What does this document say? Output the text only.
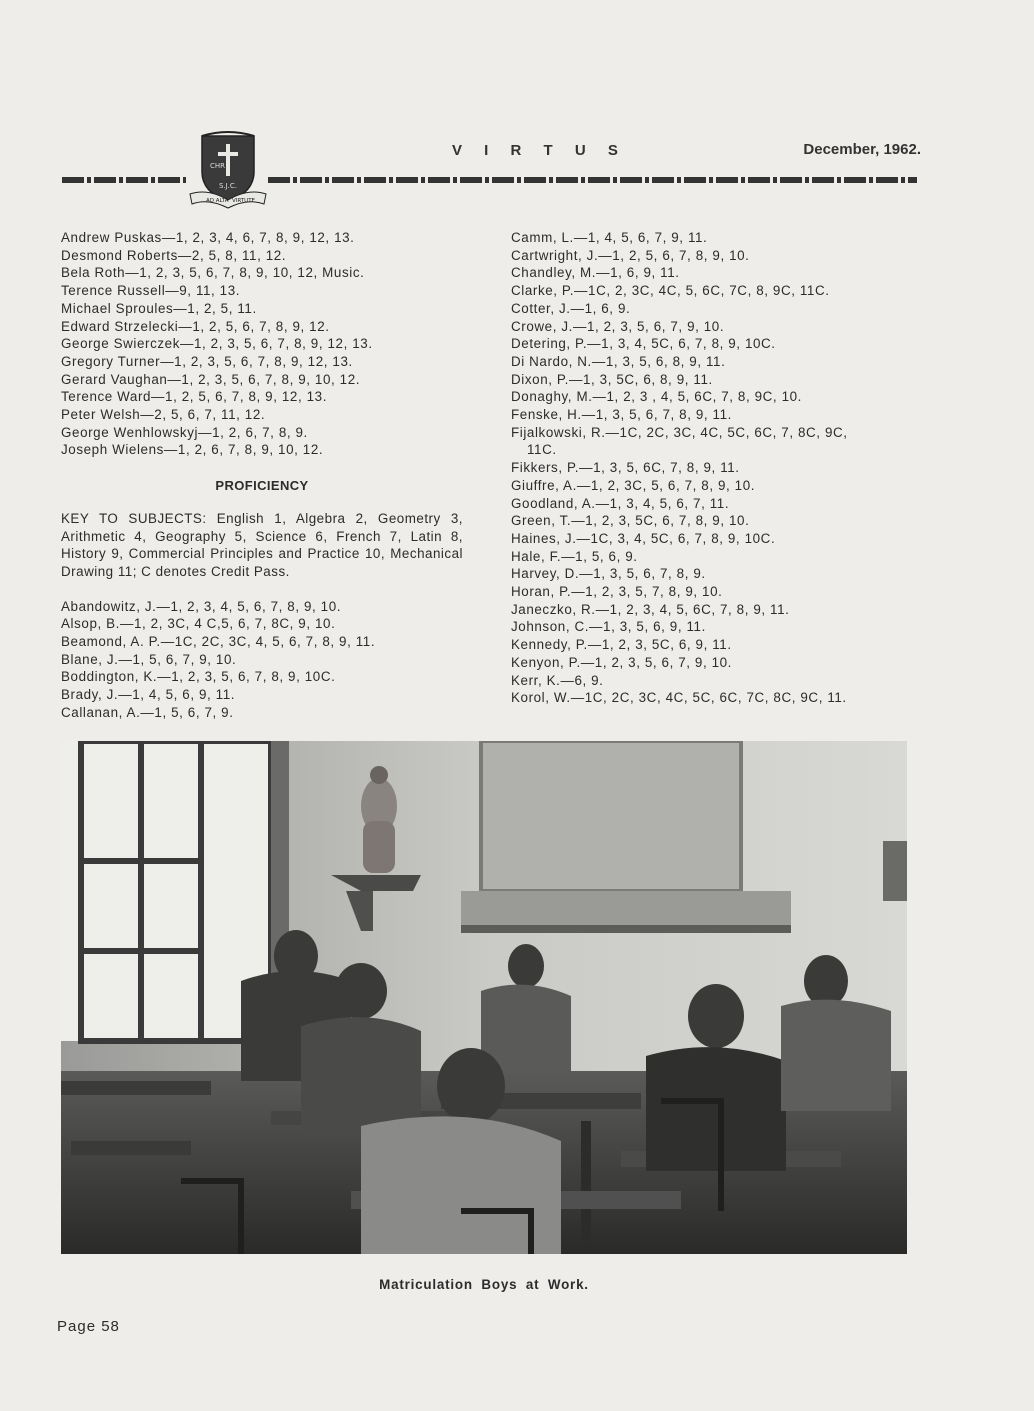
CHR
S.J.C.
AD ALTA VIRTUTE
V I R T U S	December, 1962.
Andrew Puskas—1, 2, 3, 4, 6, 7, 8, 9, 12, 13.
Desmond Roberts—2, 5, 8, 11, 12.
Bela Roth—1, 2, 3, 5, 6, 7, 8, 9, 10, 12, Music.
Terence Russell—9, 11, 13.
Michael Sproules—1, 2, 5, 11.
Edward Strzelecki—1, 2, 5, 6, 7, 8, 9, 12.
George Swierczek—1, 2, 3, 5, 6, 7, 8, 9, 12, 13.
Gregory Turner—1, 2, 3, 5, 6, 7, 8, 9, 12, 13.
Gerard Vaughan—1, 2, 3, 5, 6, 7, 8, 9, 10, 12.
Terence Ward—1, 2, 5, 6, 7, 8, 9, 12, 13.
Peter Welsh—2, 5, 6, 7, 11, 12.
George Wenhlowskyj—1, 2, 6, 7, 8, 9.
Joseph Wielens—1, 2, 6, 7, 8, 9, 10, 12.
PROFICIENCY
KEY TO SUBJECTS: English 1, Algebra 2, Geometry 3, Arithmetic 4, Geography 5, Science 6, French 7, Latin 8, History 9, Commercial Principles and Practice 10, Mechanical Drawing 11; C denotes Credit Pass.
Abandowitz, J.—1, 2, 3, 4, 5, 6, 7, 8, 9, 10.
Alsop, B.—1, 2, 3C, 4 C,5, 6, 7, 8C, 9, 10.
Beamond, A. P.—1C, 2C, 3C, 4, 5, 6, 7, 8, 9, 11.
Blane, J.—1, 5, 6, 7, 9, 10.
Boddington, K.—1, 2, 3, 5, 6, 7, 8, 9, 10C.
Brady, J.—1, 4, 5, 6, 9, 11.
Callanan, A.—1, 5, 6, 7, 9.
Camm, L.—1, 4, 5, 6, 7, 9, 11.
Cartwright, J.—1, 2, 5, 6, 7, 8, 9, 10.
Chandley, M.—1, 6, 9, 11.
Clarke, P.—1C, 2, 3C, 4C, 5, 6C, 7C, 8, 9C, 11C.
Cotter, J.—1, 6, 9.
Crowe, J.—1, 2, 3, 5, 6, 7, 9, 10.
Detering, P.—1, 3, 4, 5C, 6, 7, 8, 9, 10C.
Di Nardo, N.—1, 3, 5, 6, 8, 9, 11.
Dixon, P.—1, 3, 5C, 6, 8, 9, 11.
Donaghy, M.—1, 2, 3 , 4, 5, 6C, 7, 8, 9C, 10.
Fenske, H.—1, 3, 5, 6, 7, 8, 9, 11.
Fijalkowski, R.—1C, 2C, 3C, 4C, 5C, 6C, 7, 8C, 9C,
11C.
Fikkers, P.—1, 3, 5, 6C, 7, 8, 9, 11.
Giuffre, A.—1, 2, 3C, 5, 6, 7, 8, 9, 10.
Goodland, A.—1, 3, 4, 5, 6, 7, 11.
Green, T.—1, 2, 3, 5C, 6, 7, 8, 9, 10.
Haines, J.—1C, 3, 4, 5C, 6, 7, 8, 9, 10C.
Hale, F.—1, 5, 6, 9.
Harvey, D.—1, 3, 5, 6, 7, 8, 9.
Horan, P.—1, 2, 3, 5, 7, 8, 9, 10.
Janeczko, R.—1, 2, 3, 4, 5, 6C, 7, 8, 9, 11.
Johnson, C.—1, 3, 5, 6, 9, 11.
Kennedy, P.—1, 2, 3, 5C, 6, 9, 11.
Kenyon, P.—1, 2, 3, 5, 6, 7, 9, 10.
Kerr, K.—6, 9.
Korol, W.—1C, 2C, 3C, 4C, 5C, 6C, 7C, 8C, 9C, 11.
Matriculation Boys at Work.
Page 58
